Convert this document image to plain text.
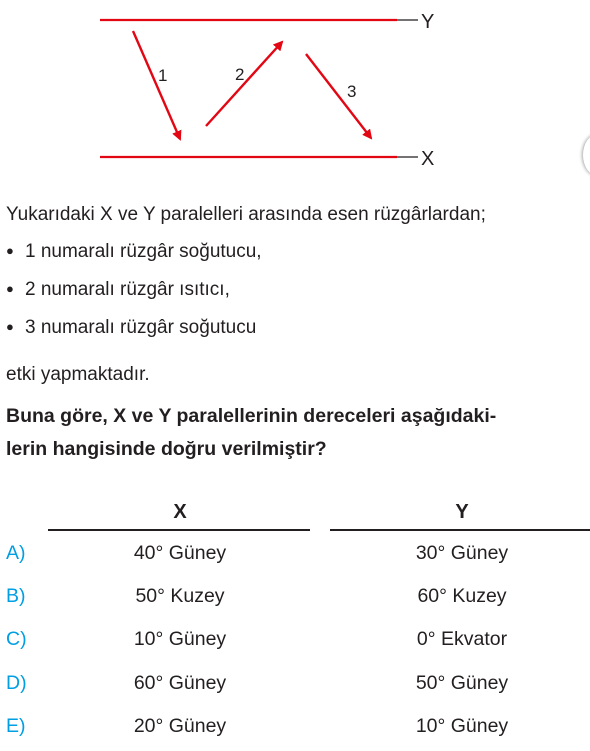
Y
X
1	2
3
Yukarıdaki X ve Y paralelleri arasında esen rüzgârlardan;
● 1 numaralı rüzgâr soğutucu,
● 2 numaralı rüzgâr ısıtıcı,
● 3 numaralı rüzgâr soğutucu
etki yapmaktadır.
Buna göre, X ve Y paralellerinin dereceleri aşağıdaki-
lerin hangisinde doğru verilmiştir?
X	Y
A)	40° Güney	30° Güney
B)	50° Kuzey	60° Kuzey
C)	10° Güney	0° Ekvator
D)	60° Güney	50° Güney
E)	20° Güney	10° Güney
